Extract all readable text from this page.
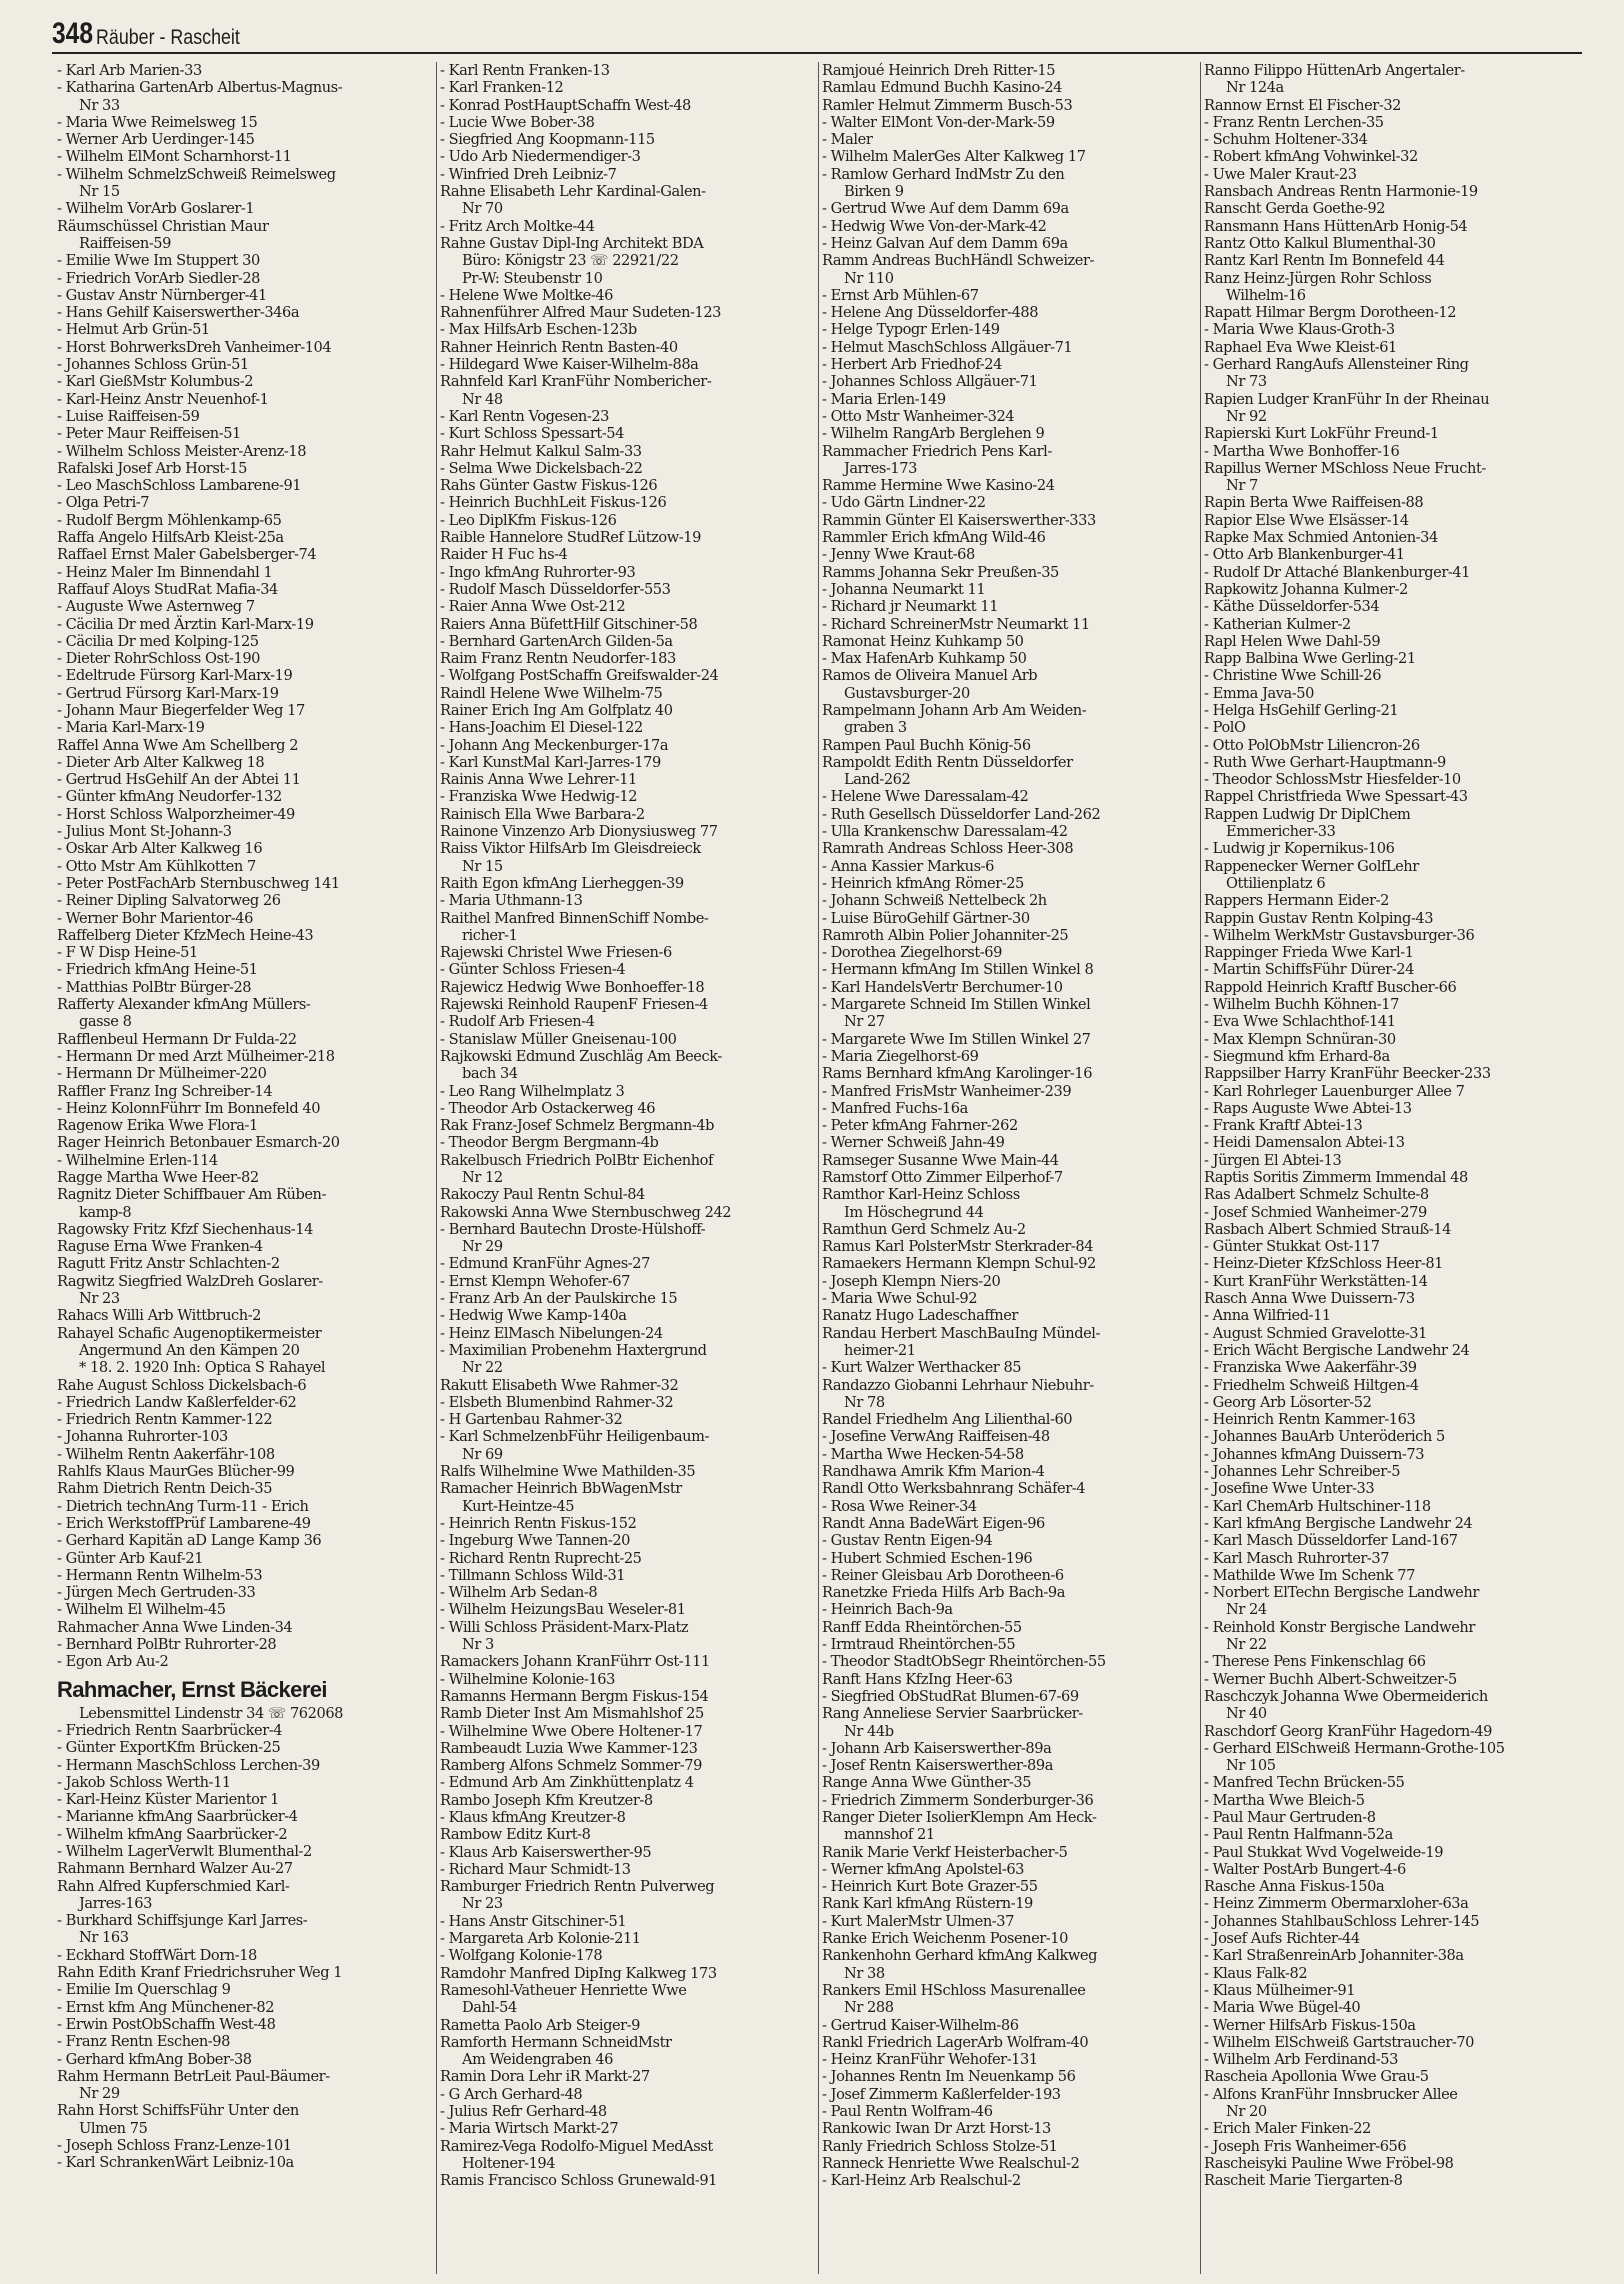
348 Räuber - Rascheit
- Karl Arb Marien-33
- Katharina GartenArb Albertus-Magnus-
Nr 33
- Maria Wwe Reimelsweg 15
- Werner Arb Uerdinger-145
- Wilhelm ElMont Scharnhorst-11
- Wilhelm SchmelzSchweiß Reimelsweg
Nr 15
- Wilhelm VorArb Goslarer-1
Räumschüssel Christian Maur
Raiffeisen-59
- Emilie Wwe Im Stuppert 30
- Friedrich VorArb Siedler-28
- Gustav Anstr Nürnberger-41
- Hans Gehilf Kaiserswerther-346a
- Helmut Arb Grün-51
- Horst BohrwerksDreh Vanheimer-104
- Johannes Schloss Grün-51
- Karl GießMstr Kolumbus-2
- Karl-Heinz Anstr Neuenhof-1
- Luise Raiffeisen-59
- Peter Maur Reiffeisen-51
- Wilhelm Schloss Meister-Arenz-18
Rafalski Josef Arb Horst-15
- Leo MaschSchloss Lambarene-91
- Olga Petri-7
- Rudolf Bergm Möhlenkamp-65
Raffa Angelo HilfsArb Kleist-25a
Raffael Ernst Maler Gabelsberger-74
- Heinz Maler Im Binnendahl 1
Raffauf Aloys StudRat Mafia-34
- Auguste Wwe Asternweg 7
- Cäcilia Dr med Ärztin Karl-Marx-19
- Cäcilia Dr med Kolping-125
- Dieter RohrSchloss Ost-190
- Edeltrude Fürsorg Karl-Marx-19
- Gertrud Fürsorg Karl-Marx-19
- Johann Maur Biegerfelder Weg 17
- Maria Karl-Marx-19
Raffel Anna Wwe Am Schellberg 2
- Dieter Arb Alter Kalkweg 18
- Gertrud HsGehilf An der Abtei 11
- Günter kfmAng Neudorfer-132
- Horst Schloss Walporzheimer-49
- Julius Mont St-Johann-3
- Oskar Arb Alter Kalkweg 16
- Otto Mstr Am Kühlkotten 7
- Peter PostFachArb Sternbuschweg 141
- Reiner Dipling Salvatorweg 26
- Werner Bohr Marientor-46
Raffelberg Dieter KfzMech Heine-43
- F W Disp Heine-51
- Friedrich kfmAng Heine-51
- Matthias PolBtr Bürger-28
Rafferty Alexander kfmAng Müllers-
gasse 8
Rafflenbeul Hermann Dr Fulda-22
- Hermann Dr med Arzt Mülheimer-218
- Hermann Dr Mülheimer-220
Raffler Franz Ing Schreiber-14
- Heinz KolonnFührr Im Bonnefeld 40
Ragenow Erika Wwe Flora-1
Rager Heinrich Betonbauer Esmarch-20
- Wilhelmine Erlen-114
Ragge Martha Wwe Heer-82
Ragnitz Dieter Schiffbauer Am Rüben-
kamp-8
Ragowsky Fritz Kfzf Siechenhaus-14
Raguse Erna Wwe Franken-4
Ragutt Fritz Anstr Schlachten-2
Ragwitz Siegfried WalzDreh Goslarer-
Nr 23
Rahacs Willi Arb Wittbruch-2
Rahayel Schafic Augenoptikermeister
Angermund An den Kämpen 20
* 18. 2. 1920 Inh: Optica S Rahayel
Rahe August Schloss Dickelsbach-6
- Friedrich Landw Kaßlerfelder-62
- Friedrich Rentn Kammer-122
- Johanna Ruhrorter-103
- Wilhelm Rentn Aakerfähr-108
Rahlfs Klaus MaurGes Blücher-99
Rahm Dietrich Rentn Deich-35
- Dietrich technAng Turm-11 - Erich
- Erich WerkstoffPrüf Lambarene-49
- Gerhard Kapitän aD Lange Kamp 36
- Günter Arb Kauf-21
- Hermann Rentn Wilhelm-53
- Jürgen Mech Gertruden-33
- Wilhelm El Wilhelm-45
Rahmacher Anna Wwe Linden-34
- Bernhard PolBtr Ruhrorter-28
- Egon Arb Au-2
Rahmacher, Ernst Bäckerei
Lebensmittel Lindenstr 34 ☏ 762068
- Friedrich Rentn Saarbrücker-4
- Günter ExportKfm Brücken-25
- Hermann MaschSchloss Lerchen-39
- Jakob Schloss Werth-11
- Karl-Heinz Küster Marientor 1
- Marianne kfmAng Saarbrücker-4
- Wilhelm kfmAng Saarbrücker-2
- Wilhelm LagerVerwlt Blumenthal-2
Rahmann Bernhard Walzer Au-27
Rahn Alfred Kupferschmied Karl-
Jarres-163
- Burkhard Schiffsjunge Karl Jarres-
Nr 163
- Eckhard StoffWärt Dorn-18
Rahn Edith Kranf Friedrichsruher Weg 1
- Emilie Im Querschlag 9
- Ernst kfm Ang Münchener-82
- Erwin PostObSchaffn West-48
- Franz Rentn Eschen-98
- Gerhard kfmAng Bober-38
Rahm Hermann BetrLeit Paul-Bäumer-
Nr 29
Rahn Horst SchiffsFühr Unter den
Ulmen 75
- Joseph Schloss Franz-Lenze-101
- Karl SchrankenWärt Leibniz-10a
- Karl Rentn Franken-13
- Karl Franken-12
- Konrad PostHauptSchaffn West-48
- Lucie Wwe Bober-38
- Siegfried Ang Koopmann-115
- Udo Arb Niedermendiger-3
- Winfried Dreh Leibniz-7
Rahne Elisabeth Lehr Kardinal-Galen-
Nr 70
- Fritz Arch Moltke-44
Rahne Gustav Dipl-Ing Architekt BDA
Büro: Königstr 23 ☏ 22921/22
Pr-W: Steubenstr 10
- Helene Wwe Moltke-46
Rahnenführer Alfred Maur Sudeten-123
- Max HilfsArb Eschen-123b
Rahner Heinrich Rentn Basten-40
- Hildegard Wwe Kaiser-Wilhelm-88a
Rahnfeld Karl KranFühr Nombericher-
Nr 48
- Karl Rentn Vogesen-23
- Kurt Schloss Spessart-54
Rahr Helmut Kalkul Salm-33
- Selma Wwe Dickelsbach-22
Rahs Günter Gastw Fiskus-126
- Heinrich BuchhLeit Fiskus-126
- Leo DiplKfm Fiskus-126
Raible Hannelore StudRef Lützow-19
Raider H Fuc hs-4
- Ingo kfmAng Ruhrorter-93
- Rudolf Masch Düsseldorfer-553
- Raier Anna Wwe Ost-212
Raiers Anna BüfettHilf Gitschiner-58
- Bernhard GartenArch Gilden-5a
Raim Franz Rentn Neudorfer-183
- Wolfgang PostSchaffn Greifswalder-24
Raindl Helene Wwe Wilhelm-75
Rainer Erich Ing Am Golfplatz 40
- Hans-Joachim El Diesel-122
- Johann Ang Meckenburger-17a
- Karl KunstMal Karl-Jarres-179
Rainis Anna Wwe Lehrer-11
- Franziska Wwe Hedwig-12
Rainisch Ella Wwe Barbara-2
Rainone Vinzenzo Arb Dionysiusweg 77
Raiss Viktor HilfsArb Im Gleisdreieck
Nr 15
Raith Egon kfmAng Lierheggen-39
- Maria Uthmann-13
Raithel Manfred BinnenSchiff Nombe-
richer-1
Rajewski Christel Wwe Friesen-6
- Günter Schloss Friesen-4
Rajewicz Hedwig Wwe Bonhoeffer-18
Rajewski Reinhold RaupenF Friesen-4
- Rudolf Arb Friesen-4
- Stanislaw Müller Gneisenau-100
Rajkowski Edmund Zuschläg Am Beeck-
bach 34
- Leo Rang Wilhelmplatz 3
- Theodor Arb Ostackerweg 46
Rak Franz-Josef Schmelz Bergmann-4b
- Theodor Bergm Bergmann-4b
Rakelbusch Friedrich PolBtr Eichenhof
Nr 12
Rakoczy Paul Rentn Schul-84
Rakowski Anna Wwe Sternbuschweg 242
- Bernhard Bautechn Droste-Hülshoff-
Nr 29
- Edmund KranFühr Agnes-27
- Ernst Klempn Wehofer-67
- Franz Arb An der Paulskirche 15
- Hedwig Wwe Kamp-140a
- Heinz ElMasch Nibelungen-24
- Maximilian Probenehm Haxtergrund
Nr 22
Rakutt Elisabeth Wwe Rahmer-32
- Elsbeth Blumenbind Rahmer-32
- H Gartenbau Rahmer-32
- Karl SchmelzenbFühr Heiligenbaum-
Nr 69
Ralfs Wilhelmine Wwe Mathilden-35
Ramacher Heinrich BbWagenMstr
Kurt-Heintze-45
- Heinrich Rentn Fiskus-152
- Ingeburg Wwe Tannen-20
- Richard Rentn Ruprecht-25
- Tillmann Schloss Wild-31
- Wilhelm Arb Sedan-8
- Wilhelm HeizungsBau Weseler-81
- Willi Schloss Präsident-Marx-Platz
Nr 3
Ramackers Johann KranFührr Ost-111
- Wilhelmine Kolonie-163
Ramanns Hermann Bergm Fiskus-154
Ramb Dieter Inst Am Mismahlshof 25
- Wilhelmine Wwe Obere Holtener-17
Rambeaudt Luzia Wwe Kammer-123
Ramberg Alfons Schmelz Sommer-79
- Edmund Arb Am Zinkhüttenplatz 4
Rambo Joseph Kfm Kreutzer-8
- Klaus kfmAng Kreutzer-8
Rambow Editz Kurt-8
- Klaus Arb Kaiserswerther-95
- Richard Maur Schmidt-13
Ramburger Friedrich Rentn Pulverweg
Nr 23
- Hans Anstr Gitschiner-51
- Margareta Arb Kolonie-211
- Wolfgang Kolonie-178
Ramdohr Manfred DipIng Kalkweg 173
Ramesohl-Vatheuer Henriette Wwe
Dahl-54
Rametta Paolo Arb Steiger-9
Ramforth Hermann SchneidMstr
Am Weidengraben 46
Ramin Dora Lehr iR Markt-27
- G Arch Gerhard-48
- Julius Refr Gerhard-48
- Maria Wirtsch Markt-27
Ramirez-Vega Rodolfo-Miguel MedAsst
Holtener-194
Ramis Francisco Schloss Grunewald-91
Ramjoué Heinrich Dreh Ritter-15
Ramlau Edmund Buchh Kasino-24
Ramler Helmut Zimmerm Busch-53
- Walter ElMont Von-der-Mark-59
- Maler
- Wilhelm MalerGes Alter Kalkweg 17
- Ramlow Gerhard IndMstr Zu den
Birken 9
- Gertrud Wwe Auf dem Damm 69a
- Hedwig Wwe Von-der-Mark-42
- Heinz Galvan Auf dem Damm 69a
Ramm Andreas BuchHändl Schweizer-
Nr 110
- Ernst Arb Mühlen-67
- Helene Ang Düsseldorfer-488
- Helge Typogr Erlen-149
- Helmut MaschSchloss Allgäuer-71
- Herbert Arb Friedhof-24
- Johannes Schloss Allgäuer-71
- Maria Erlen-149
- Otto Mstr Wanheimer-324
- Wilhelm RangArb Berglehen 9
Rammacher Friedrich Pens Karl-
Jarres-173
Ramme Hermine Wwe Kasino-24
- Udo Gärtn Lindner-22
Rammin Günter El Kaiserswerther-333
Rammler Erich kfmAng Wild-46
- Jenny Wwe Kraut-68
Ramms Johanna Sekr Preußen-35
- Johanna Neumarkt 11
- Richard jr Neumarkt 11
- Richard SchreinerMstr Neumarkt 11
Ramonat Heinz Kuhkamp 50
- Max HafenArb Kuhkamp 50
Ramos de Oliveira Manuel Arb
Gustavsburger-20
Rampelmann Johann Arb Am Weiden-
graben 3
Rampen Paul Buchh König-56
Rampoldt Edith Rentn Düsseldorfer
Land-262
- Helene Wwe Daressalam-42
- Ruth Gesellsch Düsseldorfer Land-262
- Ulla Krankenschw Daressalam-42
Ramrath Andreas Schloss Heer-308
- Anna Kassier Markus-6
- Heinrich kfmAng Römer-25
- Johann Schweiß Nettelbeck 2h
- Luise BüroGehilf Gärtner-30
Ramroth Albin Polier Johanniter-25
- Dorothea Ziegelhorst-69
- Hermann kfmAng Im Stillen Winkel 8
- Karl HandelsVertr Berchumer-10
- Margarete Schneid Im Stillen Winkel
Nr 27
- Margarete Wwe Im Stillen Winkel 27
- Maria Ziegelhorst-69
Rams Bernhard kfmAng Karolinger-16
- Manfred FrisMstr Wanheimer-239
- Manfred Fuchs-16a
- Peter kfmAng Fahrner-262
- Werner Schweiß Jahn-49
Ramseger Susanne Wwe Main-44
Ramstorf Otto Zimmer Eilperhof-7
Ramthor Karl-Heinz Schloss
Im Höschegrund 44
Ramthun Gerd Schmelz Au-2
Ramus Karl PolsterMstr Sterkrader-84
Ramaekers Hermann Klempn Schul-92
- Joseph Klempn Niers-20
- Maria Wwe Schul-92
Ranatz Hugo Ladeschaffner
Randau Herbert MaschBauIng Mündel-
heimer-21
- Kurt Walzer Werthacker 85
Randazzo Giobanni Lehrhaur Niebuhr-
Nr 78
Randel Friedhelm Ang Lilienthal-60
- Josefine VerwAng Raiffeisen-48
- Martha Wwe Hecken-54-58
Randhawa Amrik Kfm Marion-4
Randl Otto Werksbahnrang Schäfer-4
- Rosa Wwe Reiner-34
Randt Anna BadeWärt Eigen-96
- Gustav Rentn Eigen-94
- Hubert Schmied Eschen-196
- Reiner Gleisbau Arb Dorotheen-6
Ranetzke Frieda Hilfs Arb Bach-9a
- Heinrich Bach-9a
Ranff Edda Rheintörchen-55
- Irmtraud Rheintörchen-55
- Theodor StadtObSegr Rheintörchen-55
Ranft Hans KfzIng Heer-63
- Siegfried ObStudRat Blumen-67-69
Rang Anneliese Servier Saarbrücker-
Nr 44b
- Johann Arb Kaiserswerther-89a
- Josef Rentn Kaiserswerther-89a
Range Anna Wwe Günther-35
- Friedrich Zimmerm Sonderburger-36
Ranger Dieter IsolierKlempn Am Heck-
mannshof 21
Ranik Marie Verkf Heisterbacher-5
- Werner kfmAng Apolstel-63
- Heinrich Kurt Bote Grazer-55
Rank Karl kfmAng Rüstern-19
- Kurt MalerMstr Ulmen-37
Ranke Erich Weichenm Posener-10
Rankenhohn Gerhard kfmAng Kalkweg
Nr 38
Rankers Emil HSchloss Masurenallee
Nr 288
- Gertrud Kaiser-Wilhelm-86
Rankl Friedrich LagerArb Wolfram-40
- Heinz KranFühr Wehofer-131
- Johannes Rentn Im Neuenkamp 56
- Josef Zimmerm Kaßlerfelder-193
- Paul Rentn Wolfram-46
Rankowic Iwan Dr Arzt Horst-13
Ranly Friedrich Schloss Stolze-51
Ranneck Henriette Wwe Realschul-2
- Karl-Heinz Arb Realschul-2
Ranno Filippo HüttenArb Angertaler-
Nr 124a
Rannow Ernst El Fischer-32
- Franz Rentn Lerchen-35
- Schuhm Holtener-334
- Robert kfmAng Vohwinkel-32
- Uwe Maler Kraut-23
Ransbach Andreas Rentn Harmonie-19
Ranscht Gerda Goethe-92
Ransmann Hans HüttenArb Honig-54
Rantz Otto Kalkul Blumenthal-30
Rantz Karl Rentn Im Bonnefeld 44
Ranz Heinz-Jürgen Rohr Schloss
Wilhelm-16
Rapatt Hilmar Bergm Dorotheen-12
- Maria Wwe Klaus-Groth-3
Raphael Eva Wwe Kleist-61
- Gerhard RangAufs Allensteiner Ring
Nr 73
Rapien Ludger KranFühr In der Rheinau
Nr 92
Rapierski Kurt LokFühr Freund-1
- Martha Wwe Bonhoffer-16
Rapillus Werner MSchloss Neue Frucht-
Nr 7
Rapin Berta Wwe Raiffeisen-88
Rapior Else Wwe Elsässer-14
Rapke Max Schmied Antonien-34
- Otto Arb Blankenburger-41
- Rudolf Dr Attaché Blankenburger-41
Rapkowitz Johanna Kulmer-2
- Käthe Düsseldorfer-534
- Katherian Kulmer-2
Rapl Helen Wwe Dahl-59
Rapp Balbina Wwe Gerling-21
- Christine Wwe Schill-26
- Emma Java-50
- Helga HsGehilf Gerling-21
- PolO
- Otto PolObMstr Liliencron-26
- Ruth Wwe Gerhart-Hauptmann-9
- Theodor SchlossMstr Hiesfelder-10
Rappel Christfrieda Wwe Spessart-43
Rappen Ludwig Dr DiplChem
Emmericher-33
- Ludwig jr Kopernikus-106
Rappenecker Werner GolfLehr
Ottilienplatz 6
Rappers Hermann Eider-2
Rappin Gustav Rentn Kolping-43
- Wilhelm WerkMstr Gustavsburger-36
Rappinger Frieda Wwe Karl-1
- Martin SchiffsFühr Dürer-24
Rappold Heinrich Kraftf Buscher-66
- Wilhelm Buchh Köhnen-17
- Eva Wwe Schlachthof-141
- Max Klempn Schnüran-30
- Siegmund kfm Erhard-8a
Rappsilber Harry KranFühr Beecker-233
- Karl Rohrleger Lauenburger Allee 7
- Raps Auguste Wwe Abtei-13
- Frank Kraftf Abtei-13
- Heidi Damensalon Abtei-13
- Jürgen El Abtei-13
Raptis Soritis Zimmerm Immendal 48
Ras Adalbert Schmelz Schulte-8
- Josef Schmied Wanheimer-279
Rasbach Albert Schmied Strauß-14
- Günter Stukkat Ost-117
- Heinz-Dieter KfzSchloss Heer-81
- Kurt KranFühr Werkstätten-14
Rasch Anna Wwe Duissern-73
- Anna Wilfried-11
- August Schmied Gravelotte-31
- Erich Wächt Bergische Landwehr 24
- Franziska Wwe Aakerfähr-39
- Friedhelm Schweiß Hiltgen-4
- Georg Arb Lösorter-52
- Heinrich Rentn Kammer-163
- Johannes BauArb Unteröderich 5
- Johannes kfmAng Duissern-73
- Johannes Lehr Schreiber-5
- Josefine Wwe Unter-33
- Karl ChemArb Hultschiner-118
- Karl kfmAng Bergische Landwehr 24
- Karl Masch Düsseldorfer Land-167
- Karl Masch Ruhrorter-37
- Mathilde Wwe Im Schenk 77
- Norbert ElTechn Bergische Landwehr
Nr 24
- Reinhold Konstr Bergische Landwehr
Nr 22
- Therese Pens Finkenschlag 66
- Werner Buchh Albert-Schweitzer-5
Raschczyk Johanna Wwe Obermeiderich
Nr 40
Raschdorf Georg KranFühr Hagedorn-49
- Gerhard ElSchweiß Hermann-Grothe-105
Nr 105
- Manfred Techn Brücken-55
- Martha Wwe Bleich-5
- Paul Maur Gertruden-8
- Paul Rentn Halfmann-52a
- Paul Stukkat Wvd Vogelweide-19
- Walter PostArb Bungert-4-6
Rasche Anna Fiskus-150a
- Heinz Zimmerm Obermarxloher-63a
- Johannes StahlbauSchloss Lehrer-145
- Josef Aufs Richter-44
- Karl StraßenreinArb Johanniter-38a
- Klaus Falk-82
- Klaus Mülheimer-91
- Maria Wwe Bügel-40
- Werner HilfsArb Fiskus-150a
- Wilhelm ElSchweiß Gartstraucher-70
- Wilhelm Arb Ferdinand-53
Rascheia Apollonia Wwe Grau-5
- Alfons KranFühr Innsbrucker Allee
Nr 20
- Erich Maler Finken-22
- Joseph Fris Wanheimer-656
Rascheisyki Pauline Wwe Fröbel-98
Rascheit Marie Tiergarten-8
